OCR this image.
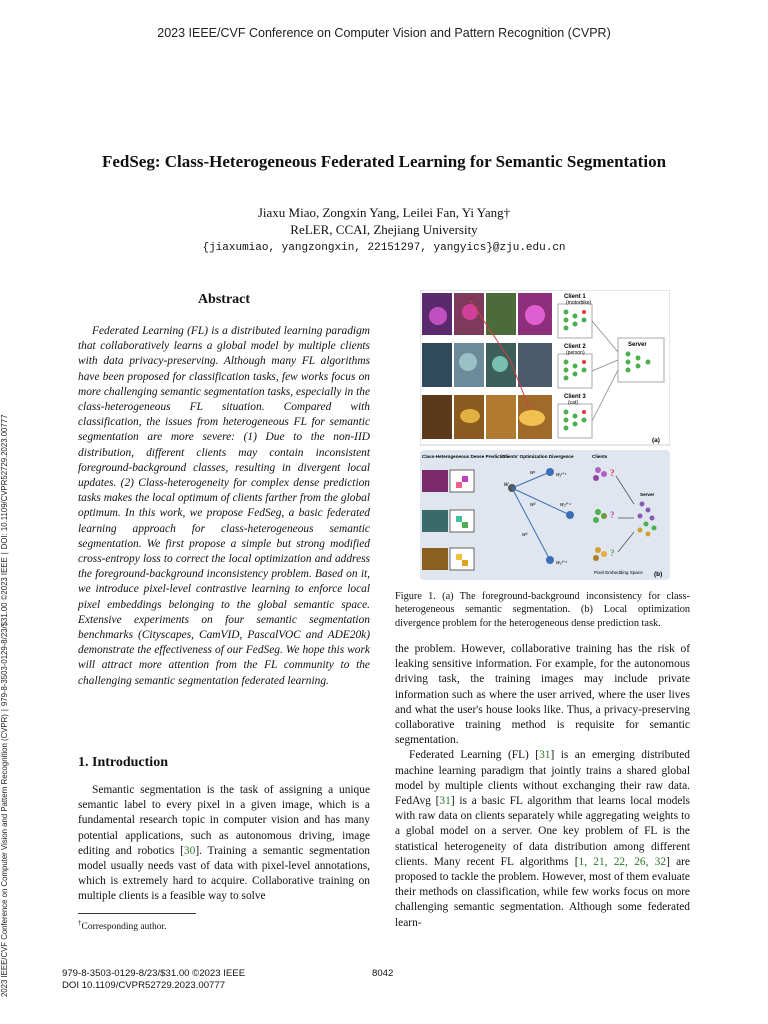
2023 IEEE/CVF Conference on Computer Vision and Pattern Recognition (CVPR)
2023 IEEE/CVF Conference on Computer Vision and Pattern Recognition (CVPR)|979-8-3503-0129-8/23/$31.00 ©2023 IEEE|DOI: 10.1109/CVPR52729.2023.00777
FedSeg: Class-Heterogeneous Federated Learning for Semantic Segmentation
Jiaxu Miao, Zongxin Yang, Leilei Fan, Yi Yang†
ReLER, CCAI, Zhejiang University
{jiaxumiao, yangzongxin, 22151297, yangyics}@zju.edu.cn
Abstract

Federated Learning (FL) is a distributed learning paradigm that collaboratively learns a global model by multiple clients with data privacy-preserving. Although many FL algorithms have been proposed for classification tasks, few works focus on more challenging semantic segmentation tasks, especially in the class-heterogeneous FL situation. Compared with classification, the issues from heterogeneous FL for semantic segmentation are more severe: (1) Due to the non-IID distribution, different clients may contain inconsistent foreground-background classes, resulting in divergent local updates. (2) Class-heterogeneity for complex dense prediction tasks makes the local optimum of clients farther from the global optimum. In this work, we propose FedSeg, a basic federated learning approach for class-heterogeneous semantic segmentation. We first propose a simple but strong modified cross-entropy loss to correct the local optimization and address the foreground-background inconsistency problem. Based on it, we introduce pixel-level contrastive learning to enforce local pixel embeddings belonging to the global semantic space. Extensive experiments on four semantic segmentation benchmarks (Cityscapes, CamVID, PascalVOC and ADE20k) demonstrate the effectiveness of our FedSeg. We hope this work will attract more attention from the FL community to the challenging semantic segmentation federated learning.

1. Introduction

Semantic segmentation is the task of assigning a unique semantic label to every pixel in a given image, which is a fundamental research topic in computer vision and has many potential applications, such as autonomous driving, image editing and robotics [30]. Training a semantic segmentation model usually needs vast of data with pixel-level annotations, which is extremely hard to acquire. Collaborative training on multiple clients is a feasible way to solve

†Corresponding author.
Client 1
(motorbike)
Client 2
(person)
Client 3
(cat)
Server
(a)
Class-Heterogeneous Dense Prediction
Clients' Optimization Divergence	Clients
w
w¹
w²
w³
w₁ᵗ⁺¹
w₂ᵗ⁺¹
w₃ᵗ⁺¹
?
?
?
Server
Pixel Embedding Space (b)
Figure 1. (a) The foreground-background inconsistency for class-heterogeneous semantic segmentation. (b) Local optimization divergence problem for the heterogeneous dense prediction task.

the problem. However, collaborative training has the risk of leaking sensitive information. For example, for the autonomous driving task, the training images may include private information such as where the user arrived, where the user lives and what the user's house looks like. Thus, a privacy-preserving collaborative training method is requisite for semantic segmentation.

Federated Learning (FL) [31] is an emerging distributed machine learning paradigm that jointly trains a shared global model by multiple clients without exchanging their raw data. FedAvg [31] is a basic FL algorithm that learns local models with raw data on clients separately while aggregating weights to a global model on a server. One key problem of FL is the statistical heterogeneity of data distribution among different clients. Many recent FL algorithms [1, 21, 22, 26, 32] are proposed to tackle the problem. However, most of them evaluate their methods on classification, while few works focus on more challenging semantic segmentation. Although some federated learn-

979-8-3503-0129-8/23/$31.00 ©2023 IEEE
DOI 10.1109/CVPR52729.2023.00777
8042
